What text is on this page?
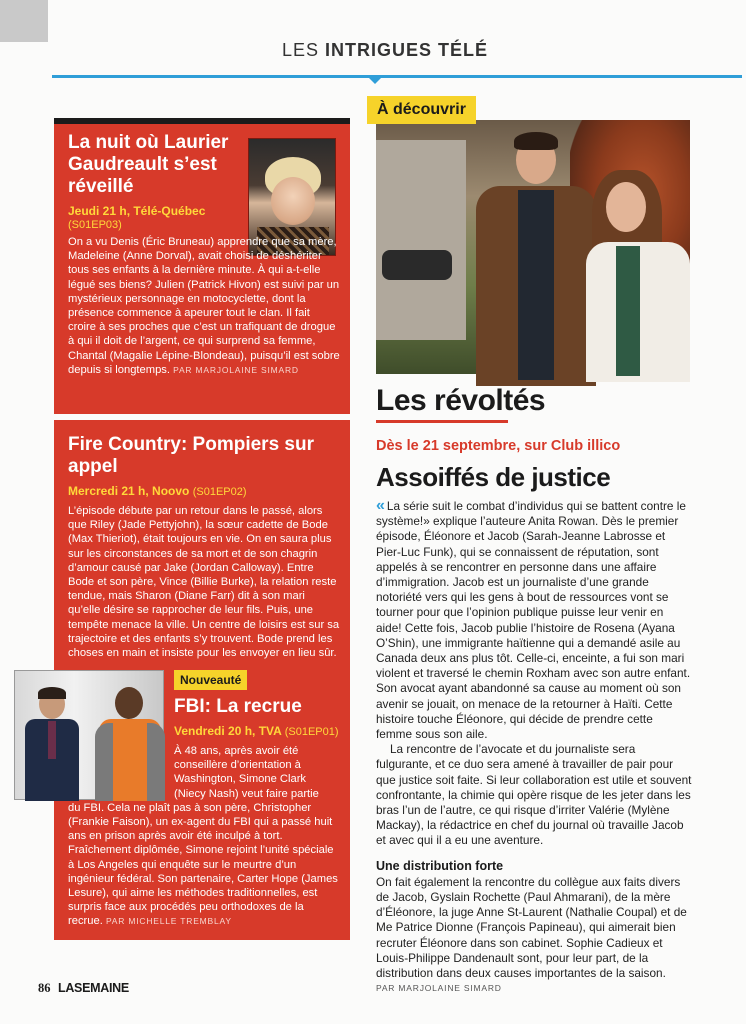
LES INTRIGUES TÉLÉ
La nuit où Laurier Gaudreault s’est réveillé
Jeudi 21 h, Télé-Québec
(S01EP03)
On a vu Denis (Éric Bruneau) apprendre que sa mère, Madeleine (Anne Dorval), avait choisi de déshériter tous ses enfants à la dernière minute. À qui a-t-elle légué ses biens? Julien (Patrick Hivon) est suivi par un mystérieux personnage en motocyclette, dont la présence commence à apeurer tout le clan. Il fait croire à ses proches que c’est un trafiquant de drogue à qui il doit de l’argent, ce qui surprend sa femme, Chantal (Magalie Lépine-Blondeau), puisqu’il est sobre depuis si longtemps. PAR MARJOLAINE SIMARD
Fire Country: Pompiers sur appel
Mercredi 21 h, Noovo (S01EP02)
L’épisode débute par un retour dans le passé, alors que Riley (Jade Pettyjohn), la sœur cadette de Bode (Max Thieriot), était toujours en vie. On en saura plus sur les circonstances de sa mort et de son chagrin d’amour causé par Jake (Jordan Calloway). Entre Bode et son père, Vince (Billie Burke), la relation reste tendue, mais Sharon (Diane Farr) dit à son mari qu’elle désire se rapprocher de leur fils. Puis, une tempête menace la ville. Un centre de loisirs est sur sa trajectoire et des enfants s’y trouvent. Bode prend les choses en main et insiste pour les envoyer en lieu sûr.
Nouveauté
FBI: La recrue
Vendredi 20 h, TVA (S01EP01)
À 48 ans, après avoir été conseillère d’orientation à Washington, Simone Clark (Niecy Nash) veut faire partie
du FBI. Cela ne plaît pas à son père, Christopher (Frankie Faison), un ex-agent du FBI qui a passé huit ans en prison après avoir été inculpé à tort. Fraîchement diplômée, Simone rejoint l’unité spéciale à Los Angeles qui enquête sur le meurtre d’un ingénieur fédéral. Son partenaire, Carter Hope (James Lesure), qui aime les méthodes traditionnelles, est surpris face aux procédés peu orthodoxes de la recrue. PAR MICHELLE TREMBLAY
À découvrir
Les révoltés
Dès le 21 septembre, sur Club illico
Assoiffés de justice

« La série suit le combat d’individus qui se battent contre le système!» explique l’auteure Anita Rowan. Dès le premier épisode, Éléonore et Jacob (Sarah-Jeanne Labrosse et Pier-Luc Funk), qui se connaissent de réputation, sont appelés à se rencontrer en personne dans une affaire d’immigration. Jacob est un journaliste d’une grande notoriété vers qui les gens à bout de ressources vont se tourner pour que l’opinion publique puisse leur venir en aide! Cette fois, Jacob publie l’histoire de Rosena (Ayana O’Shin), une immigrante haïtienne qui a demandé asile au Canada deux ans plus tôt. Celle-ci, enceinte, a fui son mari violent et traversé le chemin Roxham avec son autre enfant. Son avocat ayant abandonné sa cause au moment où son avenir se jouait, on menace de la retourner à Haïti. Cette histoire touche Éléonore, qui décide de prendre cette femme sous son aile.

La rencontre de l’avocate et du journaliste sera fulgurante, et ce duo sera amené à travailler de pair pour que justice soit faite. Si leur collaboration est utile et souvent confrontante, la chimie qui opère risque de les jeter dans les bras l’un de l’autre, ce qui risque d’irriter Valérie (Mylène Mackay), la rédactrice en chef du journal où travaille Jacob et avec qui il a eu une aventure.

Une distribution forte

On fait également la rencontre du collègue aux faits divers de Jacob, Gyslain Rochette (Paul Ahmarani), de la mère d’Éléonore, la juge Anne St-Laurent (Nathalie Coupal) et de Me Patrice Dionne (François Papineau), qui aimerait bien recruter Éléonore dans son cabinet. Sophie Cadieux et Louis-Philippe Dandenault sont, pour leur part, de la distribution dans deux causes importantes de la saison.

PAR MARJOLAINE SIMARD
86 LASEMAINE
